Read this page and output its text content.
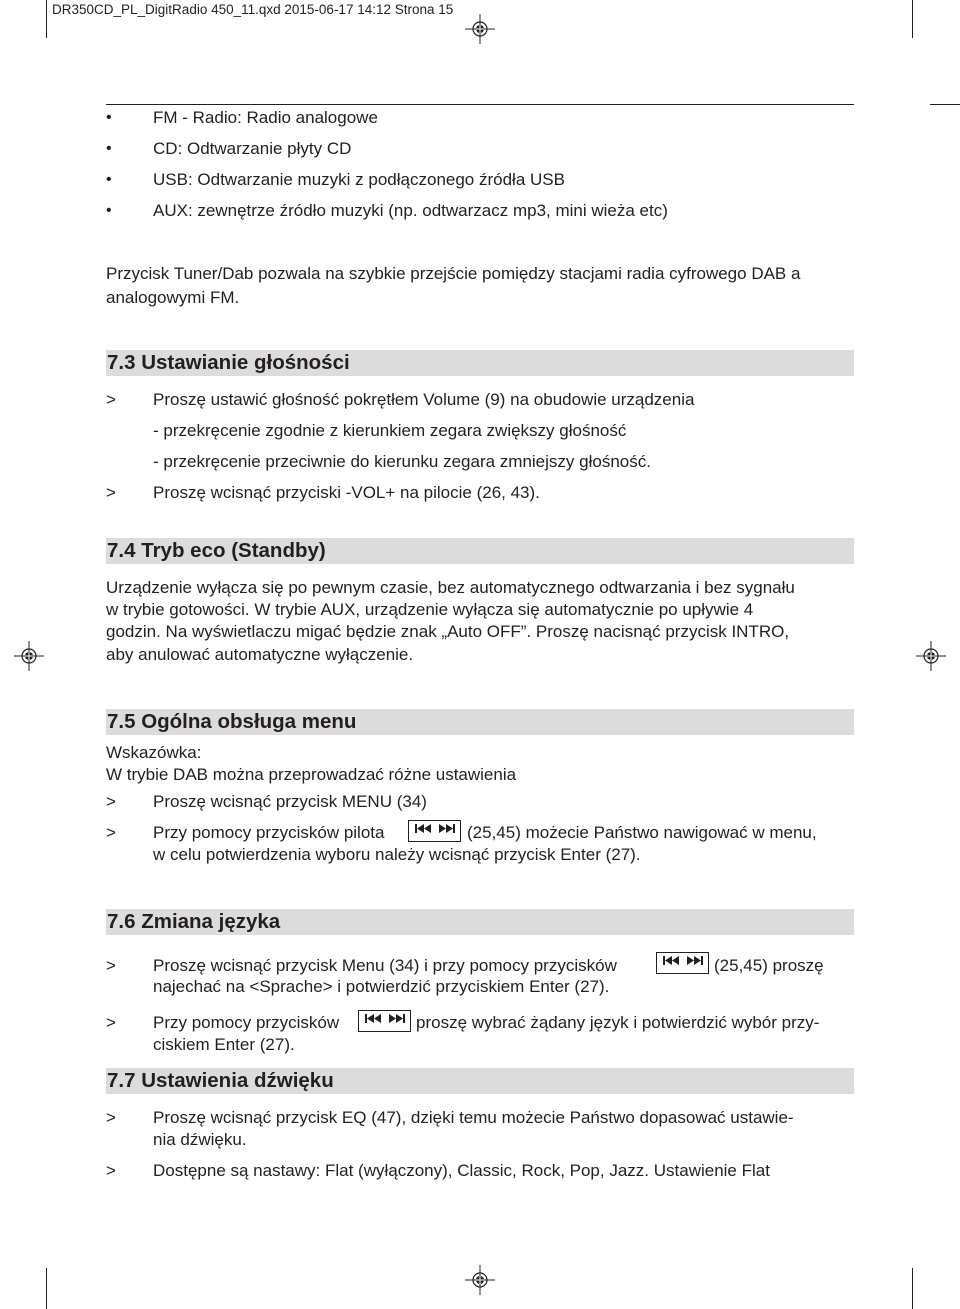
DR350CD_PL_DigitRadio 450_11.qxd 2015-06-17 14:12 Strona 15
• FM - Radio: Radio analogowe
• CD: Odtwarzanie płyty CD
• USB: Odtwarzanie muzyki z podłączonego źródła USB
• AUX: zewnętrze źródło muzyki (np. odtwarzacz mp3, mini wieża etc)
Przycisk Tuner/Dab pozwala na szybkie przejście pomiędzy stacjami radia cyfrowego DAB a
analogowymi FM.
7.3 Ustawianie głośności
> Proszę ustawić głośność pokrętłem Volume (9) na obudowie urządzenia
- przekręcenie zgodnie z kierunkiem zegara zwiększy głośność
- przekręcenie przeciwnie do kierunku zegara zmniejszy głośność.
> Proszę wcisnąć przyciski -VOL+ na pilocie (26, 43).
7.4 Tryb eco (Standby)
Urządzenie wyłącza się po pewnym czasie, bez automatycznego odtwarzania i bez sygnału
w trybie gotowości. W trybie AUX, urządzenie wyłącza się automatycznie po upływie 4
godzin. Na wyświetlaczu migać będzie znak „Auto OFF”. Proszę nacisnąć przycisk INTRO,
aby anulować automatyczne wyłączenie.
7.5 Ogólna obsługa menu
Wskazówka:
W trybie DAB można przeprowadzać różne ustawienia
> Proszę wcisnąć przycisk MENU (34)
> Przy pomocy przycisków pilota	(25,45) możecie Państwo nawigować w menu,
w celu potwierdzenia wyboru należy wcisnąć przycisk Enter (27).
7.6 Zmiana języka
> Proszę wcisnąć przycisk Menu (34) i przy pomocy przycisków	(25,45) proszę
najechać na <Sprache> i potwierdzić przyciskiem Enter (27).
> Przy pomocy przycisków	proszę wybrać żądany język i potwierdzić wybór przy-
ciskiem Enter (27).
7.7 Ustawienia dźwięku
> Proszę wcisnąć przycisk EQ (47), dzięki temu możecie Państwo dopasować ustawie-
nia dźwięku.
> Dostępne są nastawy: Flat (wyłączony), Classic, Rock, Pop, Jazz. Ustawienie Flat
